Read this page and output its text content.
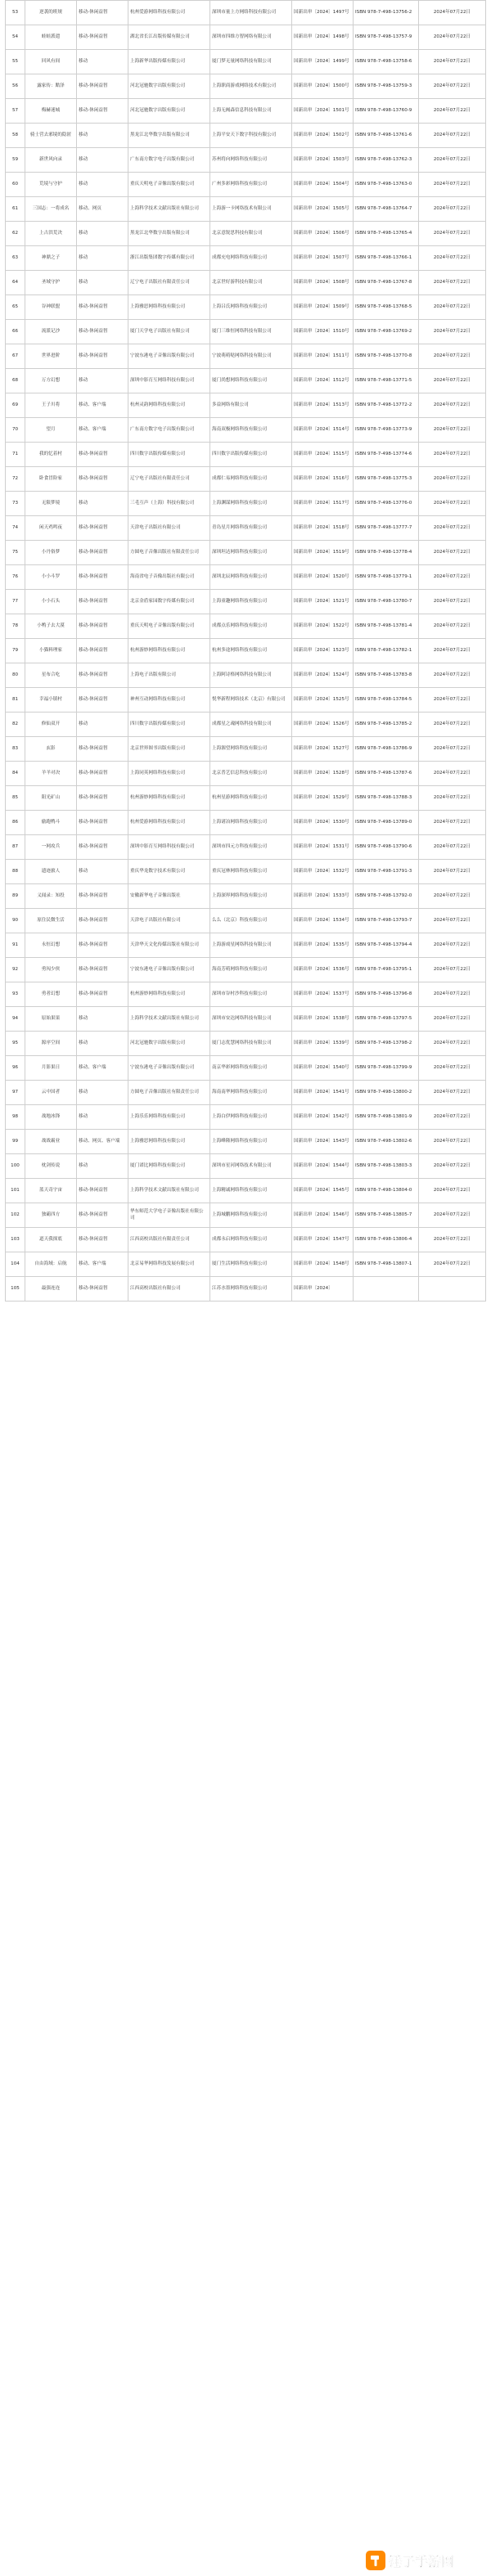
53	逆袭的班规	移动-休闲益智	杭州爱游网络科技有限公司	深圳市量上方网络科技有限公司	国新出审〔2024〕1497号	ISBN 978-7-498-13756-2	2024年07月22日
54	蛙蛙派遣	移动-休闲益智	湖北省长江出版传媒有限公司	深圳市四维方智网络有限公司	国新出审〔2024〕1498号	ISBN 978-7-498-13757-9	2024年07月22日
55	回风有间	移动	上海新华出版传媒有限公司	厦门梦无量网络科技有限公司	国新出审〔2024〕1499号	ISBN 978-7-498-13758-6	2024年07月22日
56	露家传：黠泽	移动-休闲益智	河北冠驰数字出版有限公司	上海职商游戏网络技术有限公司	国新出审〔2024〕1500号	ISBN 978-7-498-13759-3	2024年07月22日
57	梅赫迷城	移动-休闲益智	河北冠驰数字出版有限公司	上海无阀森信息科技有限公司	国新出审〔2024〕1501号	ISBN 978-7-498-13760-9	2024年07月22日
58	骑士营去邪境的隐匿	移动	黑龙江北华数字出版有限公司	上海平安天下数字科技有限公司	国新出审〔2024〕1502号	ISBN 978-7-498-13761-6	2024年07月22日
59	新世风向录	移动	广东南方数字电子出版有限公司	苏州将向网络科技有限公司	国新出审〔2024〕1503号	ISBN 978-7-498-13762-3	2024年07月22日
60	荒境与守护	移动	重庆天明电子音像出版有限公司	广州多彩网络科技有限公司	国新出审〔2024〕1504号	ISBN 978-7-498-13763-0	2024年07月22日
61	三国志：一将成名	移动、网页	上海科学技术文献出版社有限公司	上海游一卡网络技术有限公司	国新出审〔2024〕1505号	ISBN 978-7-498-13764-7	2024年07月22日
62	上古洪荒决	移动	黑龙江北华数字出版有限公司	北京意锐思科技有限公司	国新出审〔2024〕1506号	ISBN 978-7-498-13765-4	2024年07月22日
63	神鼎之子	移动	浙江出版集团数字传媒有限公司	成都充电网络科技有限公司	国新出审〔2024〕1507号	ISBN 978-7-498-13766-1	2024年07月22日
64	圣域守护	移动	辽宁电子出版社有限责任公司	北京世好游科技有限公司	国新出审〔2024〕1508号	ISBN 978-7-498-13767-8	2024年07月22日
65	谷神联盟	移动-休闲益智	上海雅思网络科技有限公司	上海吕氏网络科技有限公司	国新出审〔2024〕1509号	ISBN 978-7-498-13768-5	2024年07月22日
66	流派记沙	移动-休闲益智	厦门天学电子出版社有限公司	厦门三维恒网络科技有限公司	国新出审〔2024〕1510号	ISBN 978-7-498-13769-2	2024年07月22日
67	世界进阶	移动-休闲益智	宁波东港电子音像出版有限公司	宁波萌萌哒网络科技有限公司	国新出审〔2024〕1511号	ISBN 978-7-498-13770-8	2024年07月22日
68	万方幻想	移动	深圳中影育互网络科技有限公司	厦门尚想网络科技有限公司	国新出审〔2024〕1512号	ISBN 978-7-498-13771-5	2024年07月22日
69	王子川将	移动、客户端	杭州灵韵网络科技有限公司	多益网络有限公司	国新出审〔2024〕1513号	ISBN 978-7-498-13772-2	2024年07月22日
70	望月	移动、客户端	广东南方数字电子出版有限公司	海南双极网络科技有限公司	国新出审〔2024〕1514号	ISBN 978-7-498-13773-9	2024年07月22日
71	我的忆着村	移动-休闲益智	四川数字出版传媒有限公司	四川数字出版传媒有限公司	国新出审〔2024〕1515号	ISBN 978-7-498-13774-6	2024年07月22日
72	卧食冒险家	移动-休闲益智	辽宁电子出版社有限责任公司	成都仁易网络科技有限公司	国新出审〔2024〕1516号	ISBN 978-7-498-13775-3	2024年07月22日
73	无限梦境	移动	三毛互声（上海）科技有限公司	上海渊谋网络科技有限公司	国新出审〔2024〕1517号	ISBN 978-7-498-13776-0	2024年07月22日
74	闲天鸡鸣夜	移动-休闲益智	天津电子出版社有限公司	青岛星月网络科技有限公司	国新出审〔2024〕1518号	ISBN 978-7-498-13777-7	2024年07月22日
75	小丹俗梦	移动-休闲益智	方圆电子音像出版社有限责任公司	深圳坦达网络科技有限公司	国新出审〔2024〕1519号	ISBN 978-7-498-13778-4	2024年07月22日
76	小小斗罗	移动-休闲益智	海南省电子音像出版社有限公司	深圳北辰网络科技有限公司	国新出审〔2024〕1520号	ISBN 978-7-498-13779-1	2024年07月22日
77	小小石头	移动-休闲益智	北京金盾家园数字传媒有限公司	上海童趣网络科技有限公司	国新出审〔2024〕1521号	ISBN 978-7-498-13780-7	2024年07月22日
78	小鸭子去大漠	移动-休闲益智	重庆天明电子音像出版有限公司	成都点乐网络科技有限公司	国新出审〔2024〕1522号	ISBN 978-7-498-13781-4	2024年07月22日
79	小猫料理家	移动-休闲益智	杭州游妙网络科技有限公司	杭州多途网络科技有限公司	国新出审〔2024〕1523号	ISBN 978-7-498-13782-1	2024年07月22日
80	星布合吃	移动-休闲益智	上海电子出版有限公司	上海阿诗格网络科技有限公司	国新出审〔2024〕1524号	ISBN 978-7-498-13783-8	2024年07月22日
81	幸福小镇村	移动-休闲益智	神州互动网络科技有限公司	悦华新程网络技术（北京）有限公司	国新出审〔2024〕1525号	ISBN 978-7-498-13784-5	2024年07月22日
82	修仙双开	移动	四川数字出版传媒有限公司	成都星之魂网络科技有限公司	国新出审〔2024〕1526号	ISBN 978-7-498-13785-2	2024年07月22日
83	玄影	移动-休闲益智	北京世界图书出版有限公司	上海源望网络科技有限公司	国新出审〔2024〕1527号	ISBN 978-7-498-13786-9	2024年07月22日
84	羊羊对决	移动-休闲益智	上海同英网络科技有限公司	北京普艺信息科技有限公司	国新出审〔2024〕1528号	ISBN 978-7-498-13787-6	2024年07月22日
85	阳光矿山	移动-休闲益智	杭州游妙网络科技有限公司	杭州星游网络科技有限公司	国新出审〔2024〕1529号	ISBN 978-7-498-13788-3	2024年07月22日
86	偷跑鸭斗	移动-休闲益智	杭州爱游网络科技有限公司	上海诸冶网络科技有限公司	国新出审〔2024〕1530号	ISBN 978-7-498-13789-0	2024年07月22日
87	一网攻兵	移动-休闲益智	深圳中影育互网络科技有限公司	深圳市四元方科技有限公司	国新出审〔2024〕1531号	ISBN 978-7-498-13790-6	2024年07月22日
88	遗迹旅人	移动	重庆华龙数字技术有限公司	重庆冠林网络科技有限公司	国新出审〔2024〕1532号	ISBN 978-7-498-13791-3	2024年07月22日
89	义闻录：知投	移动-休闲益智	安徽新华电子音像出版社	上海深界网络科技有限公司	国新出审〔2024〕1533号	ISBN 978-7-498-13792-0	2024年07月22日
90	原住民微生活	移动-休闲益智	天津电子出版社有限公司	么么（北京）科技有限公司	国新出审〔2024〕1534号	ISBN 978-7-498-13793-7	2024年07月22日
91	永恒幻想	移动-休闲益智	天津华天文化传媒出版社有限公司	上海游戏星网络科技有限公司	国新出审〔2024〕1535号	ISBN 978-7-498-13794-4	2024年07月22日
92	勇闯少侠	移动-休闲益智	宁波东港电子音像出版有限公司	海南芳萌网络科技有限公司	国新出审〔2024〕1536号	ISBN 978-7-498-13795-1	2024年07月22日
93	勇者幻想	移动-休闲益智	杭州游妙网络科技有限公司	深圳市谷村沙科技有限公司	国新出审〔2024〕1537号	ISBN 978-7-498-13796-8	2024年07月22日
94	原始果果	移动	上海科学技术文献出版社有限公司	深圳市安达网络科技有限公司	国新出审〔2024〕1538号	ISBN 978-7-498-13797-5	2024年07月22日
95	源序空间	移动	河北冠驰数字出版有限公司	厦门志优慧网络科技有限公司	国新出审〔2024〕1539号	ISBN 978-7-498-13798-2	2024年07月22日
96	月影果日	移动、客户端	宁波东港电子音像出版有限公司	南京华彩网络科技有限公司	国新出审〔2024〕1540号	ISBN 978-7-498-13799-9	2024年07月22日
97	云中国者	移动	方圆电子音像出版社有限责任公司	海南南华网络科技有限公司	国新出审〔2024〕1541号	ISBN 978-7-498-13800-2	2024年07月22日
98	战地冰锋	移动	上海乐乐网络科技有限公司	上海白伊网络科技有限公司	国新出审〔2024〕1542号	ISBN 978-7-498-13801-9	2024年07月22日
99	战战霸业	移动、网页、客户端	上海雅思网络科技有限公司	上海峰隆网络科技有限公司	国新出审〔2024〕1543号	ISBN 978-7-498-13802-6	2024年07月22日
100	枕剑传说	移动	厦门诺比网络科技有限公司	深圳市星河网络技术有限公司	国新出审〔2024〕1544号	ISBN 978-7-498-13803-3	2024年07月22日
101	蓝天奇宇宙	移动-休闲益智	上海科学技术文献出版社有限公司	上海精诚网络科技有限公司	国新出审〔2024〕1545号	ISBN 978-7-498-13804-0	2024年07月22日
102	独霸四方	移动-休闲益智	华东师范大学电子音像出版社有限公司	上海城鹏网络科技有限公司	国新出审〔2024〕1546号	ISBN 978-7-498-13805-7	2024年07月22日
103	道天我探底	移动-休闲益智	江西高校出版社有限责任公司	成都永启网络科技有限公司	国新出审〔2024〕1547号	ISBN 978-7-498-13806-4	2024年07月22日
104	自由海域：启航	移动、客户端	北京易华网络科技发展有限公司	厦门生活网络科技有限公司	国新出审〔2024〕1548号	ISBN 978-7-498-13807-1	2024年07月22日
105	最强连连	移动-休闲益智	江西高校出版社有限公司	江苏水墨网络科技有限公司	国新出审〔2024〕		
锤子手游网
